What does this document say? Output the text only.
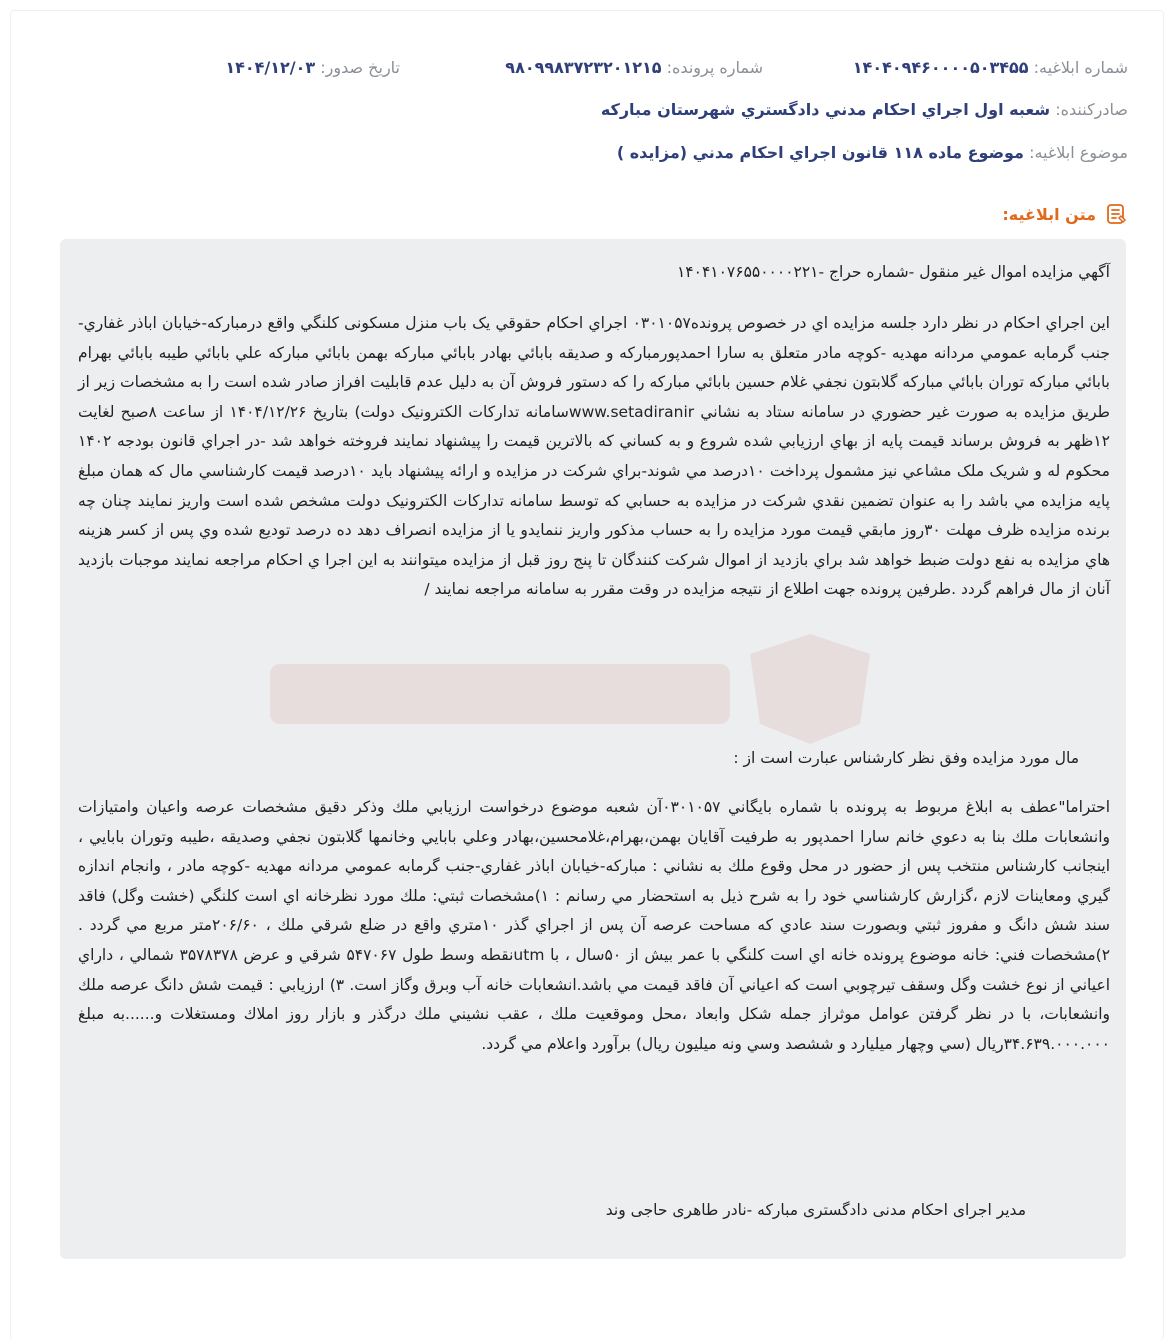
شماره ابلاغيه: ۱۴۰۴۰۹۴۶۰۰۰۰۵۰۳۴۵۵
شماره پرونده: ۹۸۰۹۹۸۳۷۲۳۲۰۱۲۱۵
تاريخ صدور: ۱۴۰۴/۱۲/۰۳
صادرکننده: شعبه اول اجراي احكام مدني دادگستري شهرستان مباركه
موضوع ابلاغيه: موضوع ماده ۱۱۸ قانون اجراي احكام مدني (مزايده )
متن ابلاغيه:
آگهي مزايده اموال غير منقول -شماره حراج -۱۴۰۴۱۰۷۶۵۵۰۰۰۰۲۲۱
اين اجراي احكام در نظر دارد جلسه مزايده اي در خصوص پرونده۰۳۰۱۰۵۷ اجراي احكام حقوقي يک باب منزل مسكونی كلنگي واقع درمباركه-خيابان اباذر غفاري-جنب گرمابه عمومي مردانه مهديه -كوچه مادر متعلق به سارا احمدپورمباركه و صديقه بابائي بهادر بابائي مباركه بهمن بابائي مباركه علي بابائي طيبه بابائي بهرام بابائي مباركه توران بابائي مباركه گلابتون نجفي غلام حسين بابائي مباركه را كه دستور فروش آن به دليل عدم قابليت افراز صادر شده است را به مشخصات زير از طريق مزايده به صورت غير حضوري در سامانه ستاد به نشاني www.setadiranirسامانه تداركات الكترونيک دولت) بتاريخ ۱۴۰۴/۱۲/۲۶ از ساعت ۸صبح لغايت ۱۲ظهر به فروش برساند قيمت پايه از بهاي ارزيابي شده شروع و به كساني كه بالاترين قيمت را پيشنهاد نمايند فروخته خواهد شد -در اجراي قانون بودجه ۱۴۰۲ محكوم له و شريک ملک مشاعي نيز مشمول پرداخت ۱۰درصد مي شوند-براي شركت در مزايده و ارائه پيشنهاد بايد ۱۰درصد قيمت كارشناسي مال كه همان مبلغ پايه مزايده مي باشد را به عنوان تضمين نقدي شركت در مزايده به حسابي كه توسط سامانه تداركات الكترونيک دولت مشخص شده است واريز نمايند چنان چه برنده مزايده ظرف مهلت ۳۰روز مابقي قيمت مورد مزايده را به حساب مذكور واريز ننمايدو يا از مزايده انصراف دهد ده درصد توديع شده وي پس از كسر هزينه هاي مزايده به نفع دولت ضبط خواهد شد براي بازديد از اموال شركت كنندگان تا پنج روز قبل از مزايده ميتوانند به اين اجرا ي احكام مراجعه نمايند موجبات بازديد آنان از مال فراهم گردد .طرفين پرونده جهت اطلاع از نتيجه مزايده در وقت مقرر به سامانه مراجعه نمايند /
مال مورد مزايده وفق نظر كارشناس عبارت است از :
احتراما"عطف به ابلاغ مربوط به پرونده با شماره بايگاني ۰۳۰۱۰۵۷آن شعبه موضوع درخواست ارزيابي ملك وذكر دقيق مشخصات عرصه واعيان وامتيازات وانشعابات ملك بنا به دعوي خانم سارا احمدپور به طرفيت آقايان بهمن،بهرام،غلامحسين،بهادر وعلي بابايي وخانمها گلابتون نجفي وصديقه ،طيبه وتوران بابايي ، اينجانب كارشناس منتخب پس از حضور در محل وقوع ملك به نشاني : مباركه-خيابان اباذر غفاري-جنب گرمابه عمومي مردانه مهديه -كوچه مادر ، وانجام اندازه گيري ومعاينات لازم ،گزارش كارشناسي خود را به شرح ذيل به استحضار مي رسانم : ۱)مشخصات ثبتي: ملك مورد نظرخانه اي است كلنگي (خشت وگل) فاقد سند شش دانگ و مفروز ثبتي وبصورت سند عادي كه مساحت عرصه آن پس از اجراي گذر ۱۰متري واقع در ضلع شرقي ملك ، ۲۰۶/۶۰متر مربع مي گردد . ۲)مشخصات فني: خانه موضوع پرونده خانه اي است كلنگي با عمر بيش از ۵۰سال ، با utmنقطه وسط طول ۵۴۷۰۶۷ شرقي و عرض ۳۵۷۸۳۷۸ شمالي ، داراي اعياني از نوع خشت وگل وسقف تيرچوبي است كه اعياني آن فاقد قيمت مي باشد.انشعابات خانه آب وبرق وگاز است. ۳) ارزيابي : قيمت شش دانگ عرصه ملك وانشعابات، با در نظر گرفتن عوامل موثراز جمله شكل وابعاد ،محل وموقعيت ملك ، عقب نشيني ملك درگذر و بازار روز املاك ومستغلات و......به مبلغ ۳۴.۶۳۹.۰۰۰.۰۰۰ريال (سي وچهار ميليارد و ششصد وسي ونه ميليون ريال) برآورد واعلام مي گردد.
مدير اجرای احکام مدنی دادگستری مبارکه -نادر طاهری حاجی وند
